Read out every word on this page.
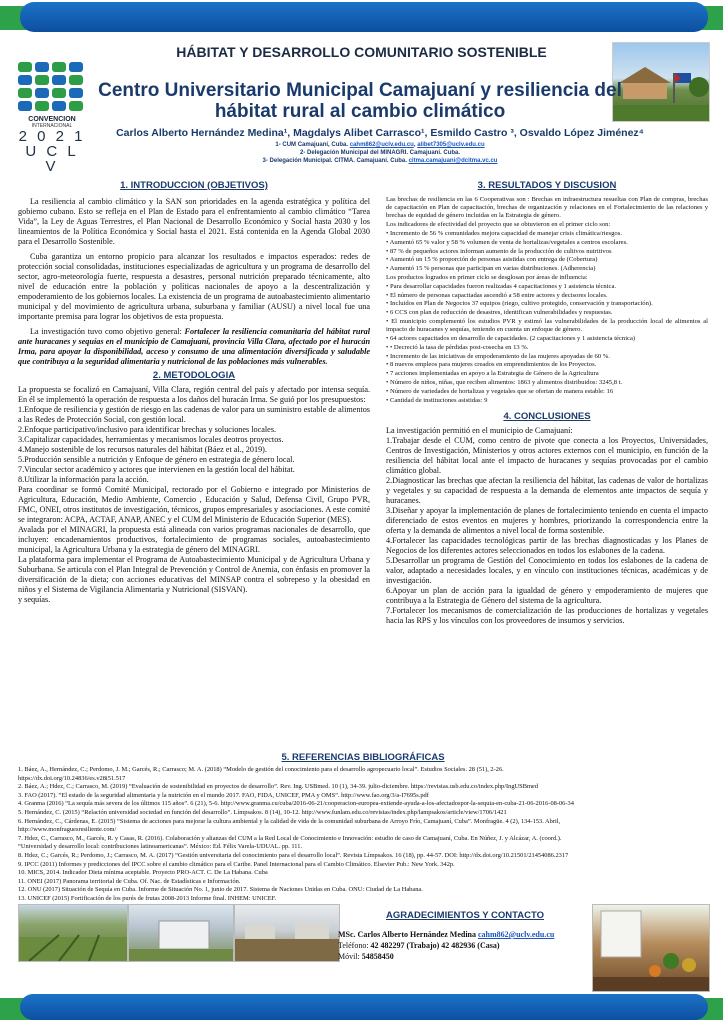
CONVENCION
INTERNACIONAL
2 0 2 1
U C L V
HÁBITAT Y DESARROLLO COMUNITARIO SOSTENIBLE
Centro Universitario Municipal Camajuaní y resiliencia del hábitat rural al cambio climático
Carlos Alberto Hernández Medina¹, Magdalys Alibet Carrasco¹, Esmildo Castro ³, Osvaldo López Jiménez⁴
1- CUM Camajuaní, Cuba. cahm862@uclv.edu.cu, alibet7305@uclv.edu.cu
2- Delegación Municipal del MINAGRI. Camajuaní. Cuba.
3- Delegación Municipal. CITMA. Camajuaní. Cuba. citma.camajuani@dcitma.vc.cu
1. INTRODUCCION (OBJETIVOS)

La resiliencia al cambio climático y la SAN son prioridades en la agenda estratégica y política del gobierno cubano. Esto se refleja en el Plan de Estado para el enfrentamiento al cambio climático “Tarea Vida”, la Ley de Aguas Terrestres, el Plan Nacional de Desarrollo Económico y Social hasta 2030 y los lineamientos de la Política Económica y Social hasta el 2021. Está contenida en la Agenda Global 2030 para el Desarrollo Sostenible.

Cuba garantiza un entorno propicio para alcanzar los resultados e impactos esperados: redes de protección social consolidadas, instituciones especializadas de agricultura y un programa de desarrollo del sector, agro-meteorología fuerte, respuesta a desastres, personal nutrición preparado técnicamente, alto nivel de educación entre la población y políticas nacionales de apoyo a la descentralización y empoderamiento de los gobiernos locales. La existencia de un programa de autoabastecimiento alimentario municipal y del movimiento de agricultura urbana, suburbana y familiar (AUSU) a nivel local fue una importante premisa para lograr los objetivos de esta propuesta.

La investigación tuvo como objetivo general: Fortalecer la resiliencia comunitaria del hábitat rural ante huracanes y sequías en el municipio de Camajuaní, provincia Villa Clara, afectado por el huracán Irma, para apoyar la disponibilidad, acceso y consumo de una alimentación diversificada y saludable que contribuya a la seguridad alimentaria y nutricional de las poblaciones más vulnerables.

2. METODOLOGIA

La propuesta se focalizó en Camajuaní, Villa Clara, región central del país y afectado por intensa sequía. En él se implementó la operación de respuesta a los daños del huracán Irma. Se guió por los presupuestos:

1.Enfoque de resiliencia y gestión de riesgo en las cadenas de valor para un suministro estable de alimentos a las Redes de Protección Social, con gestión local.

2.Enfoque participativo/inclusivo para identificar brechas y soluciones locales.

3.Capitalizar capacidades, herramientas y mecanismos locales deotros proyectos.

4.Manejo sostenible de los recursos naturales del hábitat (Báez et al., 2019).

5.Producción sensible a nutrición y Enfoque de género en estrategia de género local.

7.Vincular sector académico y actores que intervienen en la gestión local del hábitat.

8.Utilizar la información para la acción.

Para coordinar se formó Comité Municipal, rectorado por el Gobierno e integrado por Ministerios de Agricultura, Educación, Medio Ambiente, Comercio , Educación y Salud, Defensa Civil, Grupo PVR, FMC, ONEI, otros institutos de investigación, técnicos, grupos empresariales y asociaciones. A este comité se integraron: ACPA, ACTAF, ANAP, ANEC y el CUM del Ministerio de Educación Superior (MES).

Avalada por el MINAGRI, la propuesta está alineada con varios programas nacionales de desarrollo, que incluyen: encadenamientos productivos, fortalecimiento de programas sociales, autoabastecimiento municipal, la Agricultura Urbana y la estrategia de género del MINAGRI.

La plataforma para implementar el Programa de Autoabastecimiento Municipal y de Agricultura Urbana y Suburbana. Se articula con el Plan Integral de Prevención y Control de Anemia, con énfasis en promover la diversificación de la dieta; con acciones educativas del MINSAP contra el sobrepeso y la obesidad en niños y el Sistema de Vigilancia Alimentaria y Nutricional (SISVAN).

y sequías.

3. RESULTADOS Y DISCUSION

Las brechas de resiliencia en las 6 Cooperativas son : Brechas en infraestructura resueltas con Plan de compras, brechas de capacitación en Plan de capacitación, brechas de organización y relaciones en el Fortalecimiento de las relaciones y brechas de equidad de género incluidas en la Estrategia de género.

Los indicadores de efectividad del proyecto que se obtuvieron en el primer ciclo son:

• Incremento de 56 % comunidades mejora capacidad de manejar crisis climática/riesgos.

• Aumentó 65 % valor y 58 % volumen de venta de hortalizas/vegetales a centros escolares.

• 87 % de pequeños actores informan aumento de la producción de cultivos nutritivos

• Aumentó un 15 % proporción de personas asistidas con entrega de (Cobertura)

• Aumentó 15 % personas que participan en varias distribuciones. (Adherencia)

Los productos logrados en primer ciclo se desglosan por áreas de influencia:

• Para desarrollar capacidades fueron realizadas 4 capacitaciones y 1 asistencia técnica.

• El número de personas capacitadas ascendió a 58 entre actores y decisores locales.

• Incluidos en Plan de Negocios 37 equipos (riego, cultivo protegido, conservación y transportación).

• 6 CCS con plan de reducción de desastres, identifican vulnerabilidades y respuestas.

• El municipio complementó los estudios PVR y estimó las vulnerabilidades de la producción local de alimentos al impacto de huracanes y sequías, teniendo en cuenta un enfoque de género.

• 64 actores capacitados en desarrollo de capacidades. (2 capacitaciones y 1 asistencia técnica)

• • Decreció la tasa de pérdidas post-cosecha en 13 %.

• Incremento de las iniciativas de empoderamiento de las mujeres apoyadas de 60 %.

• 8 nuevos empleos para mujeres creados en emprendimientos de los Proyectos.

• 7 acciones implementadas en apoyo a la Estrategia de Género de la Agricultura

• Número de niños, niñas, que reciben alimentos: 1863 y alimentos distribuidos: 3245,8 t.

• Número de variedades de hortalizas y vegetales que se ofertan de manera estable: 16

• Cantidad de instituciones asistidas: 9

4. CONCLUSIONES

La investigación permitió en el municipio de Camajuaní:

1.Trabajar desde el CUM, como centro de pivote que conecta a los Proyectos, Universidades, Centros de Investigación, Ministerios y otros actores externos con el municipio, en función de la resiliencia del hábitat local ante el impacto de huracanes y sequías provocadas por el cambio climático global.

2.Diagnosticar las brechas que afectan la resiliencia del hábitat, las cadenas de valor de hortalizas y vegetales y su capacidad de respuesta a la demanda de elementos ante impactos de sequía y huracanes.

3.Diseñar y apoyar la implementación de planes de fortalecimiento teniendo en cuenta el impacto diferenciado de estos eventos en mujeres y hombres, priorizando la correspondencia entre la oferta y la demanda de alimentos a nivel local de forma sostenible.

4.Fortalecer las capacidades tecnológicas partir de las brechas diagnosticadas y los Planes de Negocios de los diferentes actores seleccionados en todos los eslabones de la cadena.

5.Desarrollar un programa de Gestión del Conocimiento en todos los eslabones de la cadena de valor, adaptado a necesidades locales, y en vínculo con instituciones técnicas, académicas y de investigación.

6.Apoyar un plan de acción para la igualdad de género y empoderamiento de mujeres que contribuya a la Estrategia de Género del sistema de la agricultura.

7.Fortalecer los mecanismos de comercialización de las producciones de hortalizas y vegetales hacia las RPS y los vínculos con los proveedores de insumos y servicios.

5. REFERENCIAS BIBLIOGRÁFICAS

1. Báez, A., Hernández, C.; Perdomo, J. M.; Garcés, R.; Carrasco; M. A. (2018) “Modelo de gestión del conocimiento para el desarrollo agropecuario local”. Estudios Sociales. 28 (51), 2-26.

https://dx.doi.org/10.24836/es.v28i51.517

2. Báez, A.; Hdez, C.; Carrasco, M. (2019) “Evaluación de sostenibilidad en proyectos de desarrollo”. Rev. Ing. USBmed. 10 (1), 34-39. julio-diciembre. https://revistas.usb.edu.co/index.php/IngUSBmed

3. FAO (2017). “El estado de la seguridad alimentaria y la nutrición en el mundo 2017. FAO, FIDA, UNICEF, PMA y OMS”. http://www.fao.org/3/a-I7695s.pdf

4. Granma (2016) “La sequía más severa de los últimos 115 años”. 6 (21), 5-6. http://www.granma.cu/cuba/2016-06-21/cooperacion-europea-extiende-ayuda-a-los-afectadospor-la-sequia-en-cuba-21-06-2016-08-06-34

5. Hernández, C. (2015) “Relación universidad sociedad en función del desarrollo”. Límpsakos. 8 (14), 10-12. http://www.funlam.edu.co/revistas/index.php/lampsakos/article/view/1706/1421

6. Hernández, C., Cárdenas, E. (2015) “Sistema de acciones para mejorar la cultura ambiental y la calidad de vida de la comunidad suburbana de Arroyo Frío, Camajuaní, Cuba”. Monfragüe. 4 (2), 134-153. Abril,

http://www.monfraguesresiliente.com/

7. Hdez, C., Carrasco, M., Garcés, R. y Casas, R. (2016). Colaboración y alianzas del CUM a la Red Local de Conocimiento e Innovación: estudio de caso de Camajuaní, Cuba. En Núñez, J. y Alcázar, A. (coord.).

“Universidad y desarrollo local: contribuciones latinoamericanas”. México: Ed. Félix Varela-UDUAL. pp. 111.

8. Hdez, C.; Garcés, R.; Perdomo, J.; Carrasco, M. A. (2017) “Gestión universitaria del conocimiento para el desarrollo local”. Revista Límpsakos. 16 (18), pp. 44-57. DOI: http://dx.doi.org/10.21501/21454086.2317

9. IPCC (2011) Informes y predicciones del IPCC sobre el cambio climático para el Caribe. Panel Internacional para el Cambio Climático. Elsevier Pub.: New York. 342p.

10. MICS, 2014. Indicador Dieta mínima aceptable. Proyecto PRO-ACT. C. De La Habana. Cuba

11. ONEI (2017) Panorama territorial de Cuba. Of. Nac. de Estadísticas e Información.

12. ONU (2017) Situación de Sequía en Cuba. Informe de Situación No. 1, junio de 2017. Sistema de Naciones Unidas en Cuba. ONU: Ciudad de La Habana.

13. UNICEF (2015) Fortificación de los purés de frutas 2008-2013 Informe final. INHEM: UNICEF.

AGRADECIMIENTOS Y CONTACTO
MSc. Carlos Alberto Hernández Medina cahm862@uclv.edu.cu
Teléfono: 42 482297 (Trabajo) 42 482936 (Casa)
Móvil: 54858450
